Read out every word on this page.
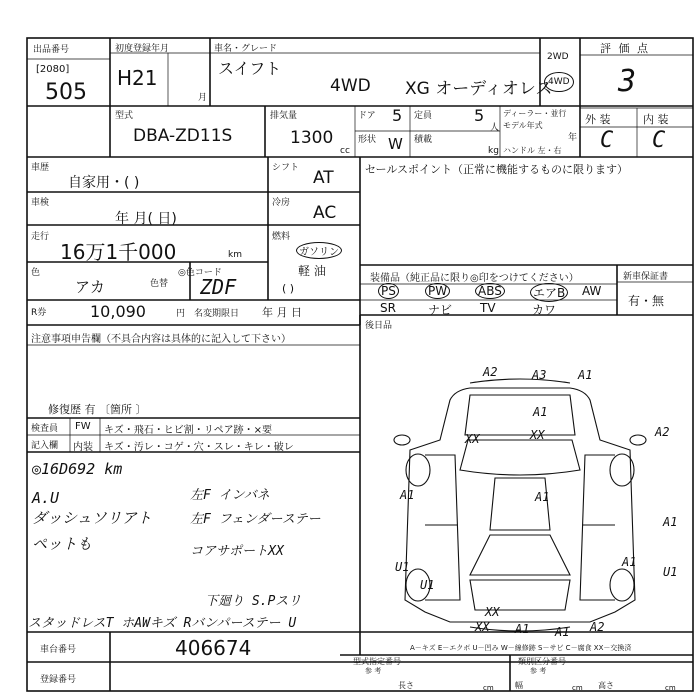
出品番号
[2080]
505
初度登録年月
H21
月
車名・グレード
スイフト
4WD XG オーディオレス
2WD
4WD
評 価 点
3
型式
DBA-ZD11S
排気量
1300
cc
ドア 5
形状 W
定員	5
人
積載
kg
ディーラー・並行
モデル年式
年
ハンドル 左・右
外 装	内 装
C C
車歴
自家用・( )
車検
年 月( 日)
走行
16万1千000	km
色
アカ	色替
◎色コード
ZDF
R券	10,090	円 名変期限日 年 月 日
シフト AT
冷房 AC
燃料
ガソリン
軽 油
( )
セールスポイント（正常に機能するものに限ります）
装備品（純正品に限り◎印をつけてください）	新車保証書
有・無
PS	PW	ABS	エアB AW
SR	ナビ TV	カワ
後日品
注意事項申告欄（不具合内容は具体的に記入して下さい）
修復歴 有 〔箇所 〕
検査員
記入欄
FW キズ・飛石・ヒビ割・リペア跡・×要
内装 キズ・汚レ・コゲ・穴・スレ・キレ・破レ
◎16D692 km
A.U
ダッシュソリアト
ペットも
左F インバネ
左F フェンダーステー
コアサポートXX
下廻り S.Pスリ
スタッドレスT ホAWキズ Rバンパーステー U
A2	A3	A1
A1
XX	XX
A1	A1
A2
A1
U1
U1
XX
A1
XX	A1 A2
A1
U1
A－キズ E－エクボ U－凹み W－線修跡 S－サビ C－腐食 XX－交換済
車台番号	406674
登録番号
型式指定番号	類別区分番号
参 考	参 考
長さ	cm	幅	cm 高さ	cm
